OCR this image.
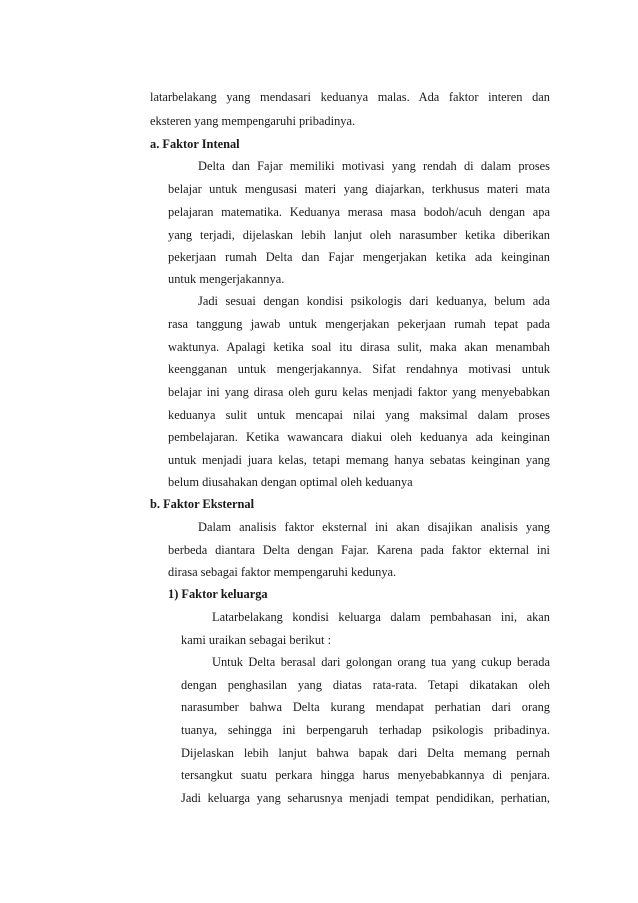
latarbelakang yang mendasari keduanya malas. Ada faktor interen dan
eksteren yang mempengaruhi pribadinya.
a. Faktor Intenal
Delta dan Fajar memiliki motivasi yang rendah di dalam proses
belajar untuk mengusasi materi yang diajarkan, terkhusus materi mata
pelajaran matematika. Keduanya merasa masa bodoh/acuh dengan apa
yang terjadi, dijelaskan lebih lanjut oleh narasumber ketika diberikan
pekerjaan rumah Delta dan Fajar mengerjakan ketika ada keinginan
untuk mengerjakannya.
Jadi sesuai dengan kondisi psikologis dari keduanya, belum ada
rasa tanggung jawab untuk mengerjakan pekerjaan rumah tepat pada
waktunya. Apalagi ketika soal itu dirasa sulit, maka akan menambah
keengganan untuk mengerjakannya. Sifat rendahnya motivasi untuk
belajar ini yang dirasa oleh guru kelas menjadi faktor yang menyebabkan
keduanya sulit untuk mencapai nilai yang maksimal dalam proses
pembelajaran. Ketika wawancara diakui oleh keduanya ada keinginan
untuk menjadi juara kelas, tetapi memang hanya sebatas keinginan yang
belum diusahakan dengan optimal oleh keduanya
b. Faktor Eksternal
Dalam analisis faktor eksternal ini akan disajikan analisis yang
berbeda diantara Delta dengan Fajar. Karena pada faktor ekternal ini
dirasa sebagai faktor mempengaruhi kedunya.
1) Faktor keluarga
Latarbelakang kondisi keluarga dalam pembahasan ini, akan
kami uraikan sebagai berikut :
Untuk Delta berasal dari golongan orang tua yang cukup berada
dengan penghasilan yang diatas rata-rata. Tetapi dikatakan oleh
narasumber bahwa Delta kurang mendapat perhatian dari orang
tuanya, sehingga ini berpengaruh terhadap psikologis pribadinya.
Dijelaskan lebih lanjut bahwa bapak dari Delta memang pernah
tersangkut suatu perkara hingga harus menyebabkannya di penjara.
Jadi keluarga yang seharusnya menjadi tempat pendidikan, perhatian,
